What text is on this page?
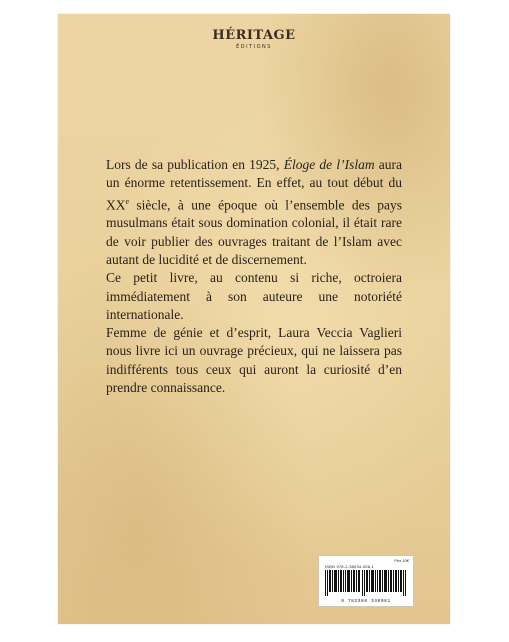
HÉRITAGE
ÉDITIONS

Lors de sa publication en 1925, Éloge de l’Islam aura un énorme retentissement. En effet, au tout début du XXe siècle, à une époque où l’ensemble des pays musulmans était sous domination colonial, il était rare de voir publier des ouvrages traitant de l’Islam avec autant de lucidité et de discernement.

Ce petit livre, au contenu si riche, octroiera immédiatement à son auteure une notoriété internationale.

Femme de génie et d’esprit, Laura Veccia Vaglieri nous livre ici un ouvrage précieux, qui ne laissera pas indifférents tous ceux qui auront la curiosité d’en prendre connaissance.

Prix 10€
ISBN 978-2-38034-008-1
9 782380 340081
